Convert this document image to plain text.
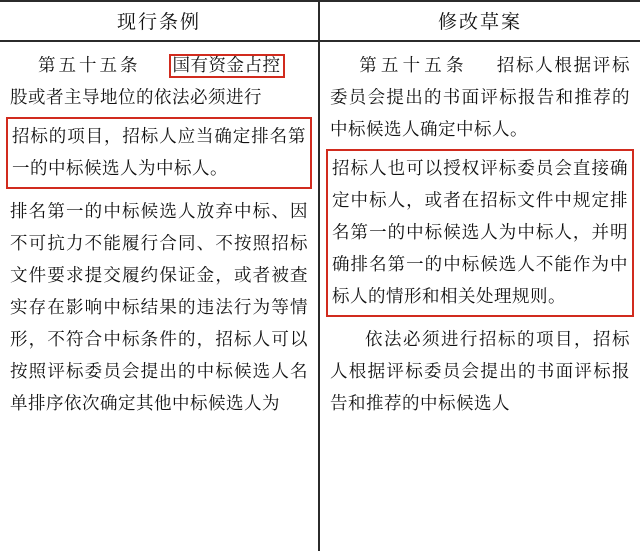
现行条例
第五十五条 国有资金占控
股或者主导地位的依法必须进行
招标的项目，招标人应当确定排名第一的中标候选人为中标人。
排名第一的中标候选人放弃中标、因不可抗力不能履行合同、不按照招标文件要求提交履约保证金，或者被查实存在影响中标结果的违法行为等情形，不符合中标条件的，招标人可以按照评标委员会提出的中标候选人名单排序依次确定其他中标候选人为
修改草案
第五十五条 招标人根据评标委员会提出的书面评标报告和推荐的中标候选人确定中标人。
招标人也可以授权评标委员会直接确定中标人，或者在招标文件中规定排名第一的中标候选人为中标人，并明确排名第一的中标候选人不能作为中标人的情形和相关处理规则。
依法必须进行招标的项目，招标人根据评标委员会提出的书面评标报告和推荐的中标候选人
